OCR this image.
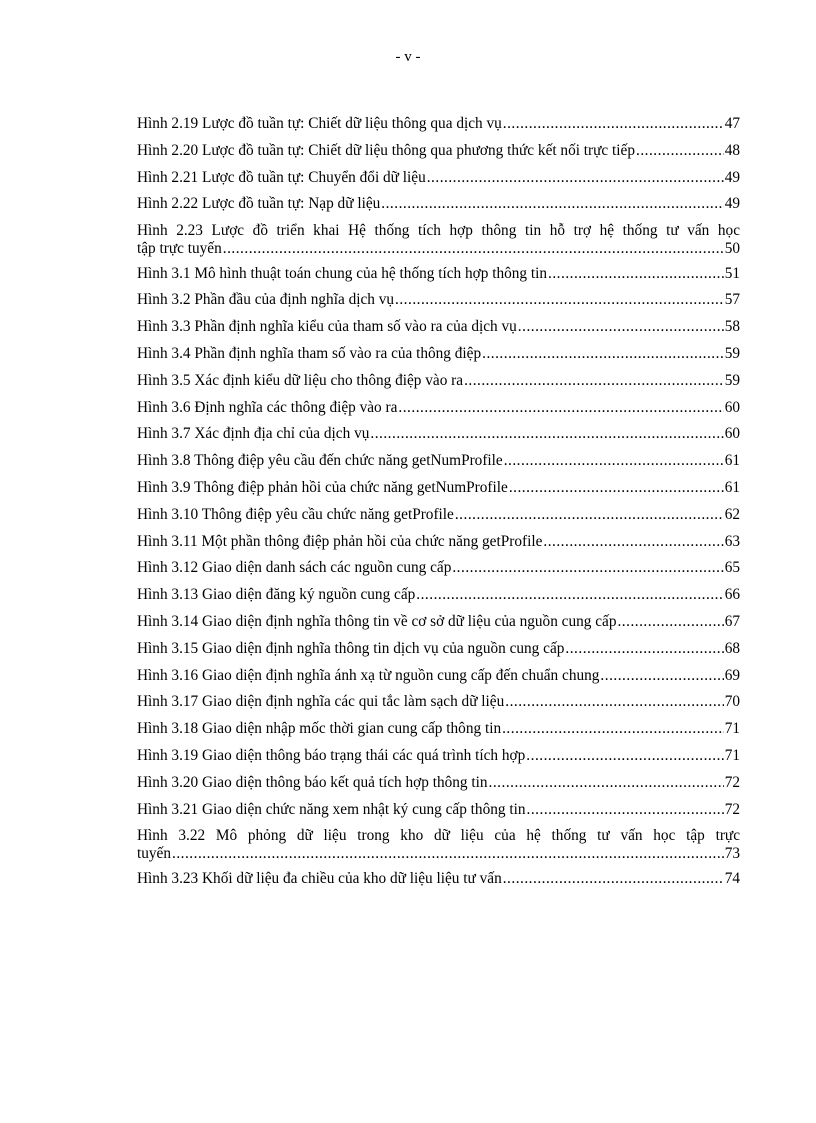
- v -
Hình 2.19 Lược đồ tuần tự: Chiết dữ liệu thông qua dịch vụ .....	47
Hình 2.20 Lược đồ tuần tự: Chiết dữ liệu thông qua phương thức kết nối trực tiếp .....	48
Hình 2.21 Lược đồ tuần tự: Chuyển đổi dữ liệu .....	49
Hình 2.22 Lược đồ tuần tự: Nạp dữ liệu .....	49
Hình 2.23 Lược đồ triển khai Hệ thống tích hợp thông tin hỗ trợ hệ thống tư vấn học
tập trực tuyến .....	50
Hình 3.1 Mô hình thuật toán chung của hệ thống tích hợp thông tin .....	51
Hình 3.2 Phần đầu của định nghĩa dịch vụ .....	57
Hình 3.3 Phần định nghĩa kiểu của tham số vào ra của dịch vụ .....	58
Hình 3.4 Phần định nghĩa tham số vào ra của thông điệp .....	59
Hình 3.5 Xác định kiểu dữ liệu cho thông điệp vào ra .....	59
Hình 3.6 Định nghĩa các thông điệp vào ra .....	60
Hình 3.7 Xác định địa chỉ của dịch vụ .....	60
Hình 3.8 Thông điệp yêu cầu đến chức năng getNumProfile .....	61
Hình 3.9 Thông điệp phản hồi của chức năng getNumProfile .....	61
Hình 3.10 Thông điệp yêu cầu chức năng getProfile .....	62
Hình 3.11 Một phần thông điệp phản hồi của chức năng getProfile .....	63
Hình 3.12 Giao diện danh sách các nguồn cung cấp .....	65
Hình 3.13 Giao diện đăng ký nguồn cung cấp .....	66
Hình 3.14 Giao diện định nghĩa thông tin về cơ sở dữ liệu của nguồn cung cấp .....	67
Hình 3.15 Giao diện định nghĩa thông tin dịch vụ của nguồn cung cấp .....	68
Hình 3.16 Giao diện định nghĩa ánh xạ từ nguồn cung cấp đến chuẩn chung .....	69
Hình 3.17 Giao diện định nghĩa các qui tắc làm sạch dữ liệu .....	70
Hình 3.18 Giao diện nhập mốc thời gian cung cấp thông tin .....	71
Hình 3.19 Giao diện thông báo trạng thái các quá trình tích hợp .....	71
Hình 3.20 Giao diện thông báo kết quả tích hợp thông tin .....	72
Hình 3.21 Giao diện chức năng xem nhật ký cung cấp thông tin .....	72
Hình 3.22 Mô phỏng dữ liệu trong kho dữ liệu của hệ thống tư vấn học tập trực
tuyến .....	73
Hình 3.23 Khối dữ liệu đa chiều của kho dữ liệu liệu tư vấn .....	74
